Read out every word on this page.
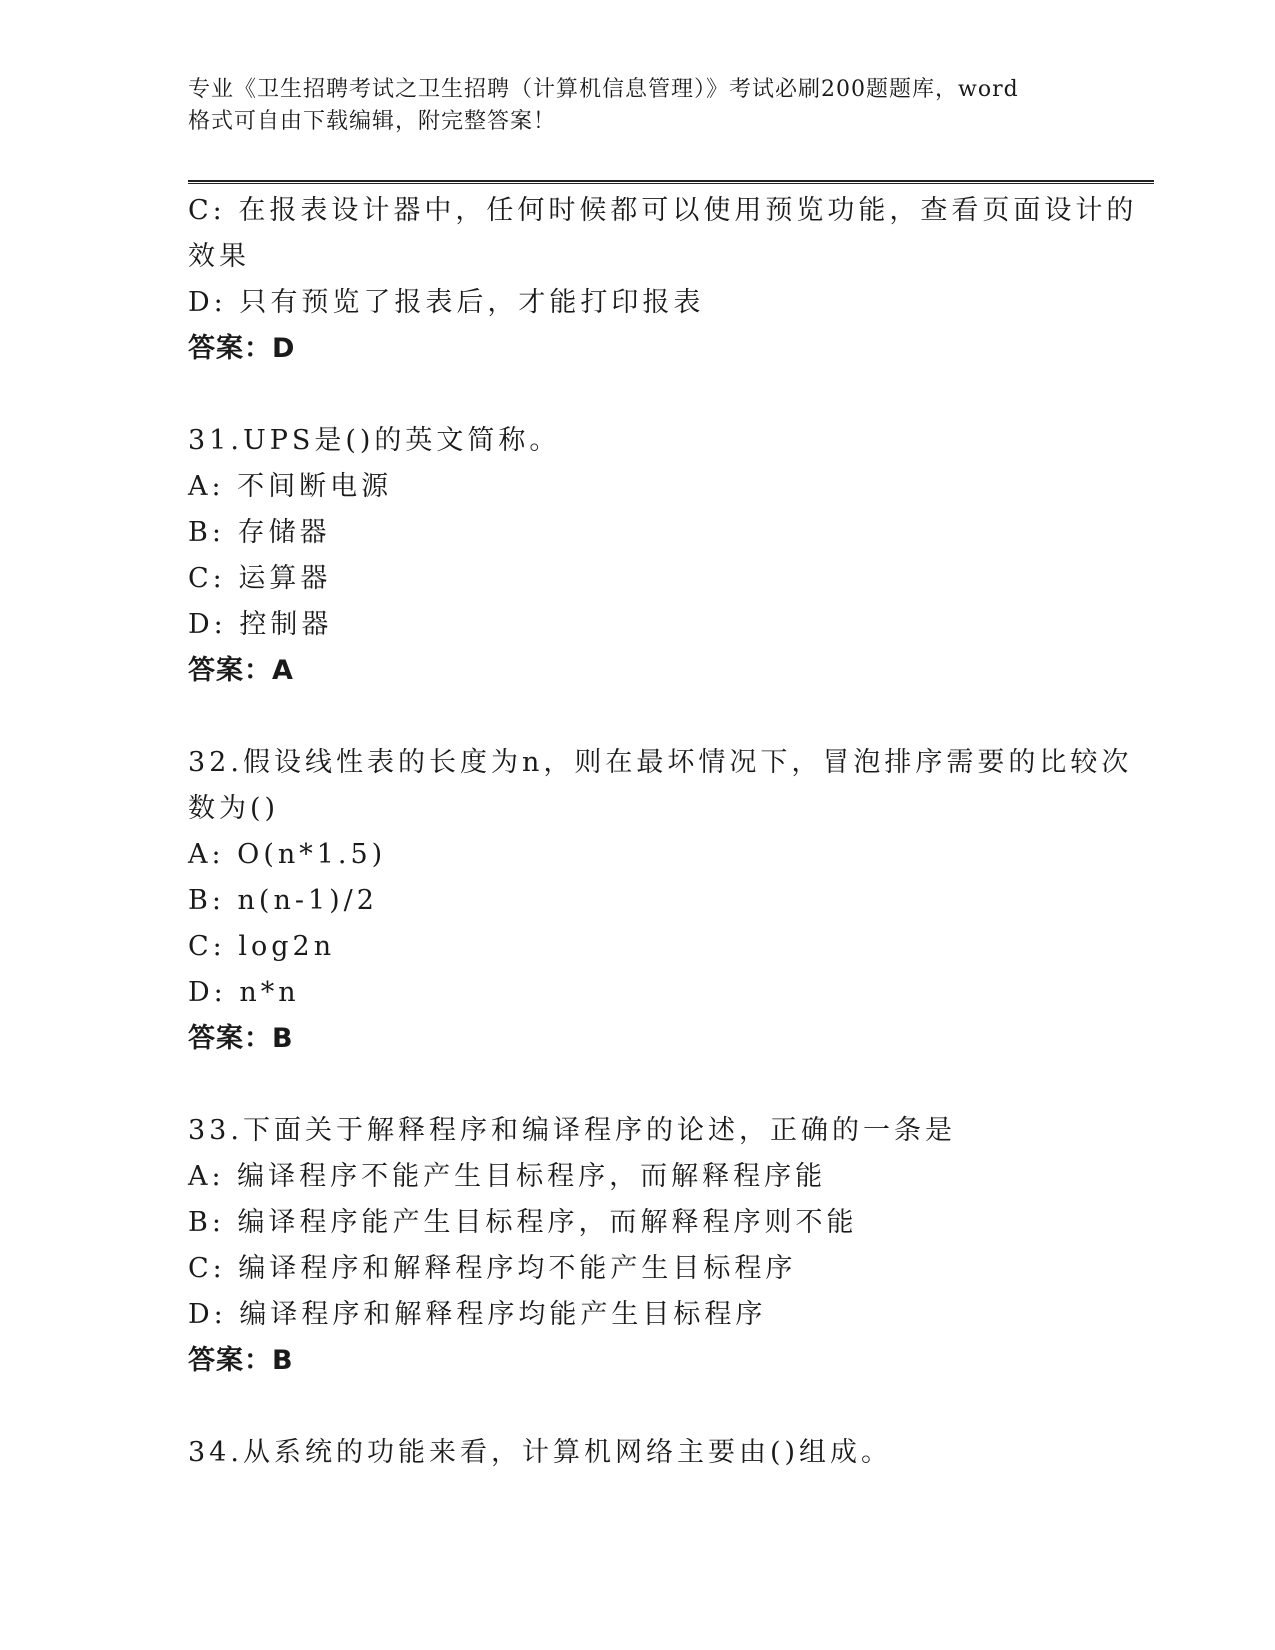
专业《卫生招聘考试之卫生招聘（计算机信息管理）》考试必刷200题题库，word
格式可自由下载编辑，附完整答案！
C: 在报表设计器中，任何时候都可以使用预览功能，查看页面设计的
效果
D: 只有预览了报表后，才能打印报表
答案：D
31.UPS是()的英文简称。
A: 不间断电源
B: 存储器
C: 运算器
D: 控制器
答案：A
32.假设线性表的长度为n，则在最坏情况下，冒泡排序需要的比较次
数为()
A: O(n*1.5)
B: n(n-1)/2
C: log2n
D: n*n
答案：B
33.下面关于解释程序和编译程序的论述，正确的一条是
A: 编译程序不能产生目标程序，而解释程序能
B: 编译程序能产生目标程序，而解释程序则不能
C: 编译程序和解释程序均不能产生目标程序
D: 编译程序和解释程序均能产生目标程序
答案：B
34.从系统的功能来看，计算机网络主要由()组成。
